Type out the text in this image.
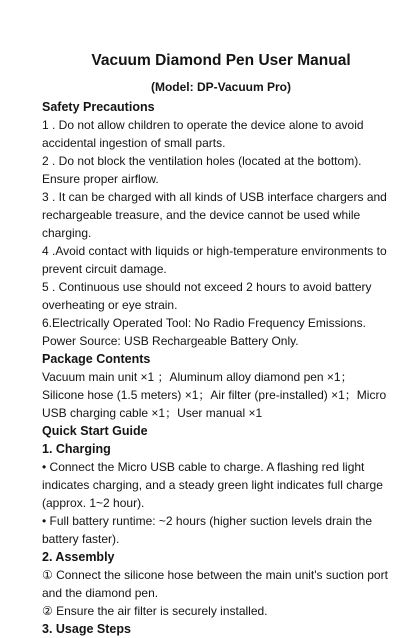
Vacuum Diamond Pen User Manual
(Model: DP-Vacuum Pro)
Safety Precautions

1 . Do not allow children to operate the device alone to avoid accidental ingestion of small parts.

2 . Do not block the ventilation holes (located at the bottom). Ensure proper airflow.

3 . It can be charged with all kinds of USB interface chargers and rechargeable treasure, and the device cannot be used while charging.

4 .Avoid contact with liquids or high-temperature environments to prevent circuit damage.

5 . Continuous use should not exceed 2 hours to avoid battery overheating or eye strain.

6.Electrically Operated Tool: No Radio Frequency Emissions. Power Source: USB Rechargeable Battery Only.

Package Contents

Vacuum main unit ×1 ；Aluminum alloy diamond pen ×1；Silicone hose (1.5 meters) ×1；Air filter (pre-installed) ×1；Micro USB charging cable ×1；User manual ×1

Quick Start Guide
1. Charging

• Connect the Micro USB cable to charge. A flashing red light indicates charging, and a steady green light indicates full charge (approx. 1~2 hour).

• Full battery runtime: ~2 hours (higher suction levels drain the battery faster).

2. Assembly

① Connect the silicone hose between the main unit's suction port and the diamond pen.

② Ensure the air filter is securely installed.

3. Usage Steps
